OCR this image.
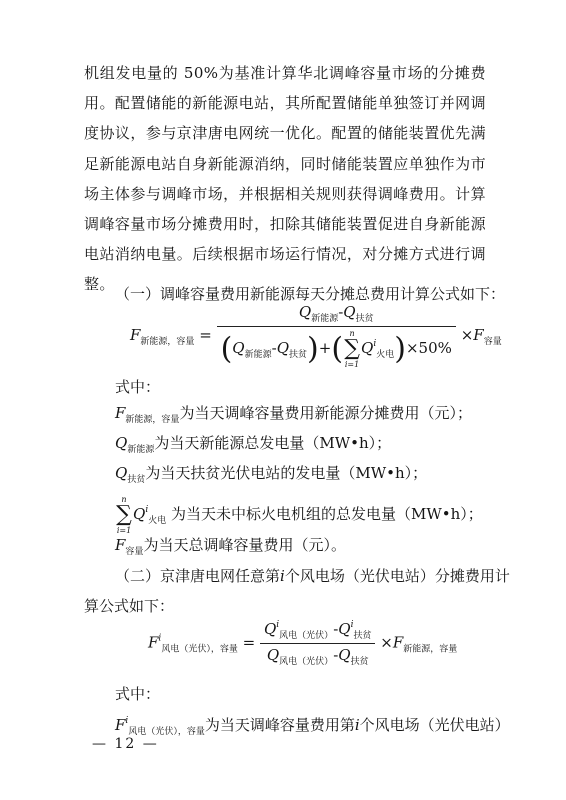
机组发电量的 50%为基准计算华北调峰容量市场的分摊费用。配置储能的新能源电站，其所配置储能单独签订并网调度协议，参与京津唐电网统一优化。配置的储能装置优先满足新能源电站自身新能源消纳，同时储能装置应单独作为市场主体参与调峰市场，并根据相关规则获得调峰费用。计算调峰容量市场分摊费用时，扣除其储能装置促进自身新能源电站消纳电量。后续根据市场运行情况，对分摊方式进行调整。

（一）调峰容量费用新能源每天分摊总费用计算公式如下：
$F_{新能源,容量} = Q_{新能源}-Q_{扶贫}$
$(Q_{新能源}-Q_{扶贫})+$( n
∑
i=1
$Q^i_{火电})\times 50\% \times F_{容量}$
式中：
$F_{新能源,容量}$为当天调峰容量费用新能源分摊费用（元）；
$Q_{新能源}$为当天新能源总发电量（MW•h）；
$Q_{扶贫}$为当天扶贫光伏电站的发电量（MW•h）；
n
∑
i=1
$Q^i_{火电}$ 为当天未中标火电机组的总发电量（MW•h）；
$F_{容量}$为当天总调峰容量费用（元）。
（二）京津唐电网任意第i个风电场（光伏电站）分摊费用计
算公式如下：
$F^i_{风电(光伏),容量} = \frac{Q^i_{风电(光伏)}-Q^i_{扶贫}}{Q_{风电(光伏)}-Q_{扶贫}} \times F_{新能源,容量}$
式中：
$F^i_{风电(光伏),容量}$为当天调峰容量费用第i个风电场（光伏电站）
— 12 —
